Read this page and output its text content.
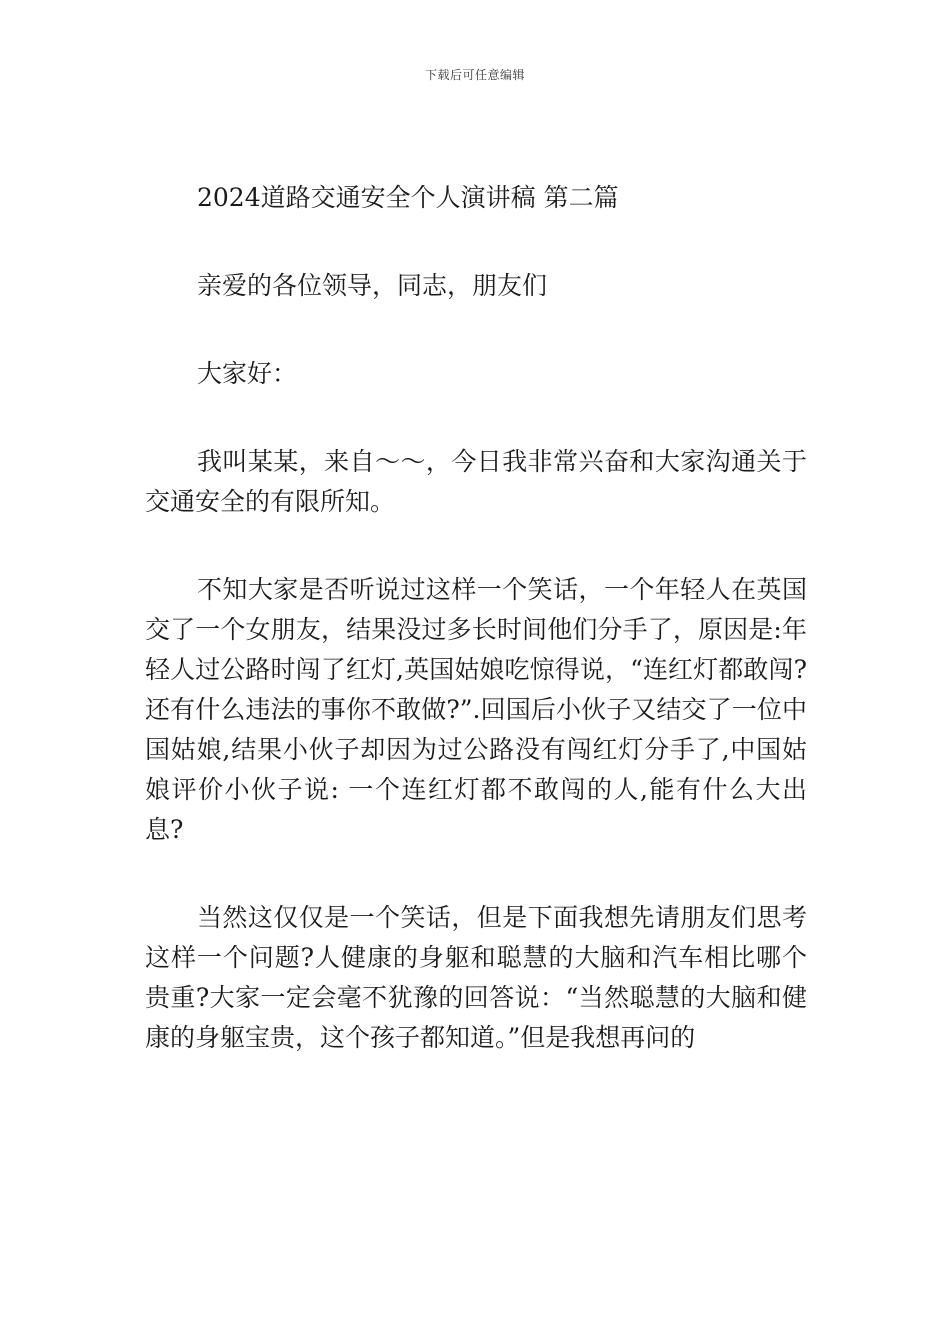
下载后可任意编辑

2024道路交通安全个人演讲稿 第二篇

亲爱的各位领导，同志，朋友们

大家好：

我叫某某，来自～～，今日我非常兴奋和大家沟通关于交通安全的有限所知。

不知大家是否听说过这样一个笑话，一个年轻人在英国交了一个女朋友，结果没过多长时间他们分手了，原因是:年轻人过公路时闯了红灯,英国姑娘吃惊得说，“连红灯都敢闯?还有什么违法的事你不敢做?”.回国后小伙子又结交了一位中国姑娘,结果小伙子却因为过公路没有闯红灯分手了,中国姑娘评价小伙子说: 一个连红灯都不敢闯的人,能有什么大出息?

当然这仅仅是一个笑话，但是下面我想先请朋友们思考这样一个问题?人健康的身躯和聪慧的大脑和汽车相比哪个贵重?大家一定会毫不犹豫的回答说：“当然聪慧的大脑和健康的身躯宝贵，这个孩子都知道。”但是我想再问的
